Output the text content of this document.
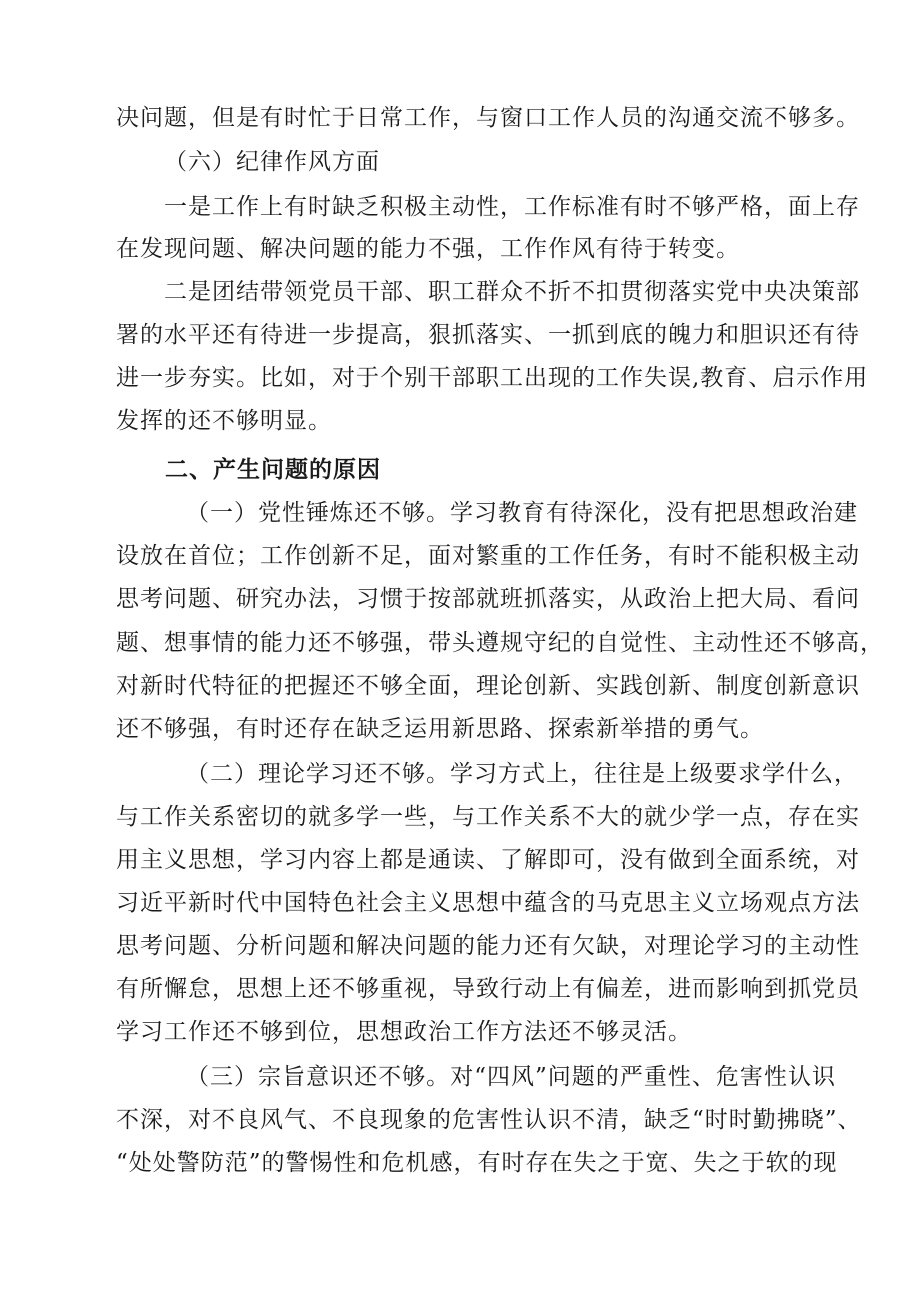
决问题，但是有时忙于日常工作，与窗口工作人员的沟通交流不够多。
（六）纪律作风方面
一是工作上有时缺乏积极主动性，工作标准有时不够严格，面上存
在发现问题、解决问题的能力不强，工作作风有待于转变。
二是团结带领党员干部、职工群众不折不扣贯彻落实党中央决策部
署的水平还有待进一步提高，狠抓落实、一抓到底的魄力和胆识还有待
进一步夯实。比如，对于个别干部职工出现的工作失误,教育、启示作用
发挥的还不够明显。
（一）党性锤炼还不够。学习教育有待深化，没有把思想政治建
设放在首位；工作创新不足，面对繁重的工作任务，有时不能积极主动
思考问题、研究办法，习惯于按部就班抓落实，从政治上把大局、看问
题、想事情的能力还不够强，带头遵规守纪的自觉性、主动性还不够高，
对新时代特征的把握还不够全面，理论创新、实践创新、制度创新意识
还不够强，有时还存在缺乏运用新思路、探索新举措的勇气。
（二）理论学习还不够。学习方式上，往往是上级要求学什么，
与工作关系密切的就多学一些，与工作关系不大的就少学一点，存在实
用主义思想，学习内容上都是通读、了解即可，没有做到全面系统，对
习近平新时代中国特色社会主义思想中蕴含的马克思主义立场观点方法
思考问题、分析问题和解决问题的能力还有欠缺，对理论学习的主动性
有所懈怠，思想上还不够重视，导致行动上有偏差，进而影响到抓党员
学习工作还不够到位，思想政治工作方法还不够灵活。
（三）宗旨意识还不够。对“四风”问题的严重性、危害性认识
不深，对不良风气、不良现象的危害性认识不清，缺乏“时时勤拂晓”、
“处处警防范”的警惕性和危机感，有时存在失之于宽、失之于软的现
二、产生问题的原因
